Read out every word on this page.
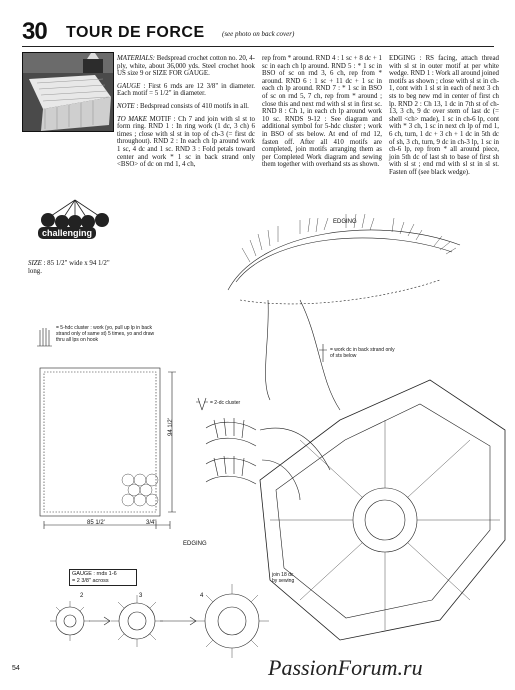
30 TOUR DE FORCE (see photo on back cover)

MATERIALS: Bedspread crochet cotton no. 20, 4-ply, white, about 36,000 yds. Steel crochet hook US size 9 or SIZE FOR GAUGE.

GAUGE : First 6 rnds are 12 3/8" in diameter. Each motif = 5 1/2" in diameter.

NOTE : Bedspread consists of 410 motifs in all.

TO MAKE MOTIF : Ch 7 and join with sl st to form ring. RND 1 : In ring work (1 dc, 3 ch) 6 times ; close with sl st in top of ch-3 (= first dc throughout). RND 2 : In each ch lp around work 1 sc, 4 dc and 1 sc. RND 3 : Fold petals toward center and work * 1 sc in back strand only <BSO> of dc on rnd 1, 4 ch,

rep from * around. RND 4 : 1 sc + 8 dc + 1 sc in each ch lp around. RND 5 : * 1 sc in BSO of sc on rnd 3, 6 ch, rep from * around. RND 6 : 1 sc + 11 dc + 1 sc in each ch lp around. RND 7 : * 1 sc in BSO of sc on rnd 5, 7 ch, rep from * around ; close this and next rnd with sl st in first sc. RND 8 : Ch 1, in each ch lp around work 10 sc. RNDS 9-12 : See diagram and additional symbol for 5-hdc cluster ; work in BSO of sts below. At end of rnd 12, fasten off. After all 410 motifs are completed, join motifs arranging them as per Completed Work diagram and sewing them together with overhand sts as shown.

EDGING : RS facing, attach thread with sl st in outer motif at per white wedge. RND 1 : Work all around joined motifs as shown ; close with sl st in ch-1, cont with 1 sl st in each of next 3 ch sts to beg new rnd in center of first ch lp. RND 2 : Ch 13, 1 dc in 7th st of ch-13, 3 ch, 9 dc over stem of last dc (= shell <ch> made), 1 sc in ch-6 lp, cont with * 3 ch, 1 sc in next ch lp of rnd 1, 6 ch, turn, 1 dc + 3 ch + 1 dc in 5th dc of sh, 3 ch, turn, 9 dc in ch-3 lp, 1 sc in ch-6 lp, rep from * all around piece, join 5th dc of last sh to base of first sh with sl st ; end rnd with sl st in sl st. Fasten off (see black wedge).

challenging
SIZE : 85 1/2" wide x 94 1/2" long.
EDGING
EDGING
= 5-hdc cluster : work (yo, pull up lp in back strand only of same st) 5 times, yo and draw thru all lps on hook
= 2-dc cluster
= work dc in back strand only of sts below
85 1/2'	3/4"
94 1/2'
GAUGE : rnds 1-6
= 2 3/8" across
join 18 dc
by sewing
2	3	4
54	PassionForum.ru
